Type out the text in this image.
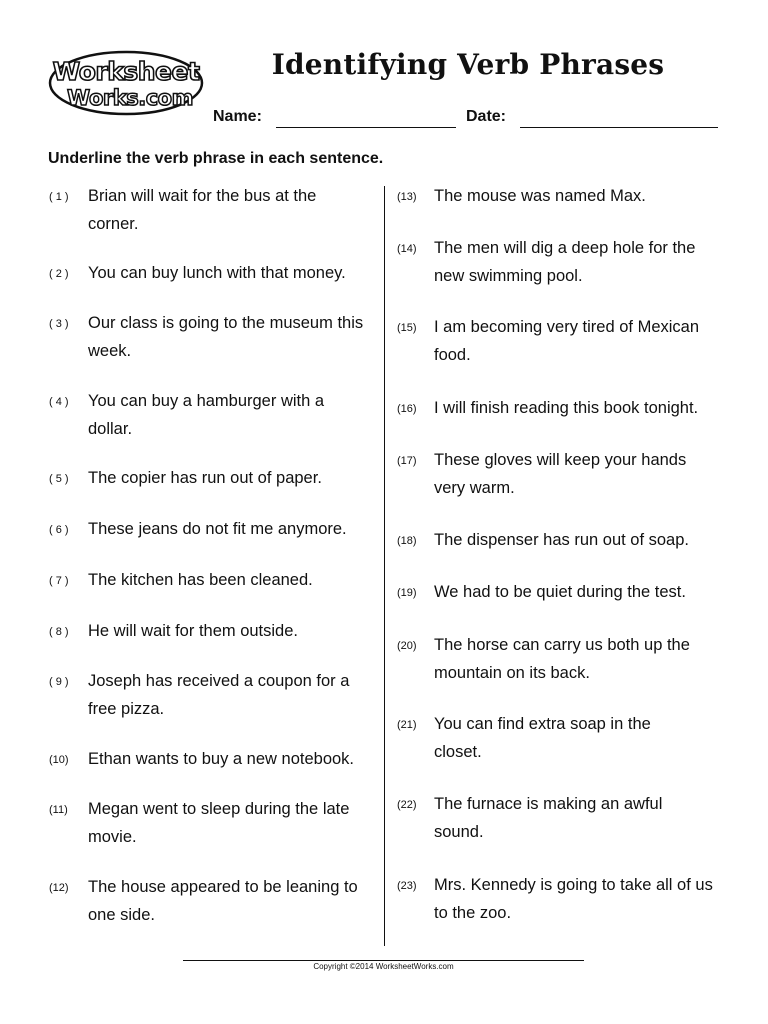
Worksheet
Works.com
Identifying Verb Phrases
Name:	Date:
Underline the verb phrase in each sentence.
( 1 ) Brian will wait for the bus at the corner.
( 2 ) You can buy lunch with that money.
( 3 ) Our class is going to the museum this week.
( 4 ) You can buy a hamburger with a dollar.
( 5 ) The copier has run out of paper.
( 6 ) These jeans do not fit me anymore.
( 7 ) The kitchen has been cleaned.
( 8 ) He will wait for them outside.
( 9 ) Joseph has received a coupon for a free pizza.
(10) Ethan wants to buy a new notebook.
(11) Megan went to sleep during the late movie.
(12) The house appeared to be leaning to one side.
(13) The mouse was named Max.
(14) The men will dig a deep hole for the new swimming pool.
(15) I am becoming very tired of Mexican food.
(16) I will finish reading this book tonight.
(17) These gloves will keep your hands very warm.
(18) The dispenser has run out of soap.
(19) We had to be quiet during the test.
(20) The horse can carry us both up the mountain on its back.
(21) You can find extra soap in the closet.
(22) The furnace is making an awful sound.
(23) Mrs. Kennedy is going to take all of us to the zoo.
Copyright ©2014 WorksheetWorks.com
